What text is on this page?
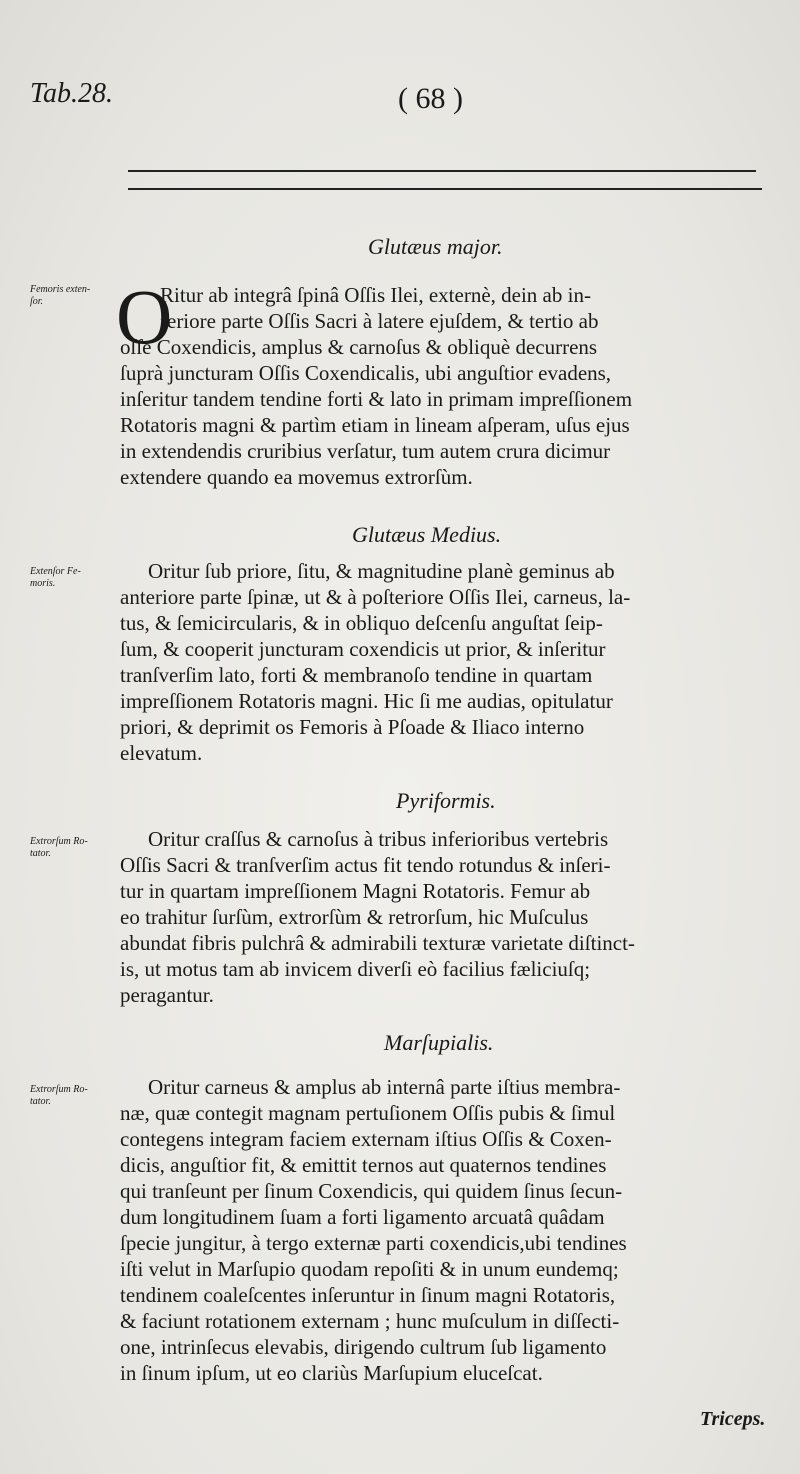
Tab.28.	( 68 )
Glutæus major.
Femoris exten-
ſor. O
Ritur ab integrâ ſpinâ Oſſis Ilei, externè, dein ab in-
feriore parte Oſſis Sacri à latere ejuſdem, & tertio ab
oſſe Coxendicis, amplus & carnoſus & obliquè decurrens
ſuprà juncturam Oſſis Coxendicalis, ubi anguſtior evadens,
inſeritur tandem tendine forti & lato in primam impreſſionem
Rotatoris magni & partìm etiam in lineam aſperam, uſus ejus
in extendendis cruribius verſatur, tum autem crura dicimur
extendere quando ea movemus extrorſùm.
Glutæus Medius.
Extenſor Fe-
moris.
Oritur ſub priore, ſitu, & magnitudine planè geminus ab
anteriore parte ſpinæ, ut & à poſteriore Oſſis Ilei, carneus, la-
tus, & ſemicircularis, & in obliquo deſcenſu anguſtat ſeip-
ſum, & cooperit juncturam coxendicis ut prior, & inſeritur
tranſverſim lato, forti & membranoſo tendine in quartam
impreſſionem Rotatoris magni. Hic ſi me audias, opitulatur
priori, & deprimit os Femoris à Pſoade & Iliaco interno
elevatum.
Pyriformis.
Extrorſum Ro-
tator.
Oritur craſſus & carnoſus à tribus inferioribus vertebris
Oſſis Sacri & tranſverſim actus fit tendo rotundus & inſeri-
tur in quartam impreſſionem Magni Rotatoris. Femur ab
eo trahitur ſurſùm, extrorſùm & retrorſum, hic Muſculus
abundat fibris pulchrâ & admirabili texturæ varietate diſtinct-
is, ut motus tam ab invicem diverſi eò facilius fæliciuſq;
peragantur.
Marſupialis.
Extrorſum Ro-
tator.
Oritur carneus & amplus ab internâ parte iſtius membra-
næ, quæ contegit magnam pertuſionem Oſſis pubis & ſimul
contegens integram faciem externam iſtius Oſſis & Coxen-
dicis, anguſtior fit, & emittit ternos aut quaternos tendines
qui tranſeunt per ſinum Coxendicis, qui quidem ſinus ſecun-
dum longitudinem ſuam a forti ligamento arcuatâ quâdam
ſpecie jungitur, à tergo externæ parti coxendicis,ubi tendines
iſti velut in Marſupio quodam repoſiti & in unum eundemq;
tendinem coaleſcentes inſeruntur in ſinum magni Rotatoris,
& faciunt rotationem externam ; hunc muſculum in diſſecti-
one, intrinſecus elevabis, dirigendo cultrum ſub ligamento
in ſinum ipſum, ut eo clariùs Marſupium eluceſcat.
Triceps.
